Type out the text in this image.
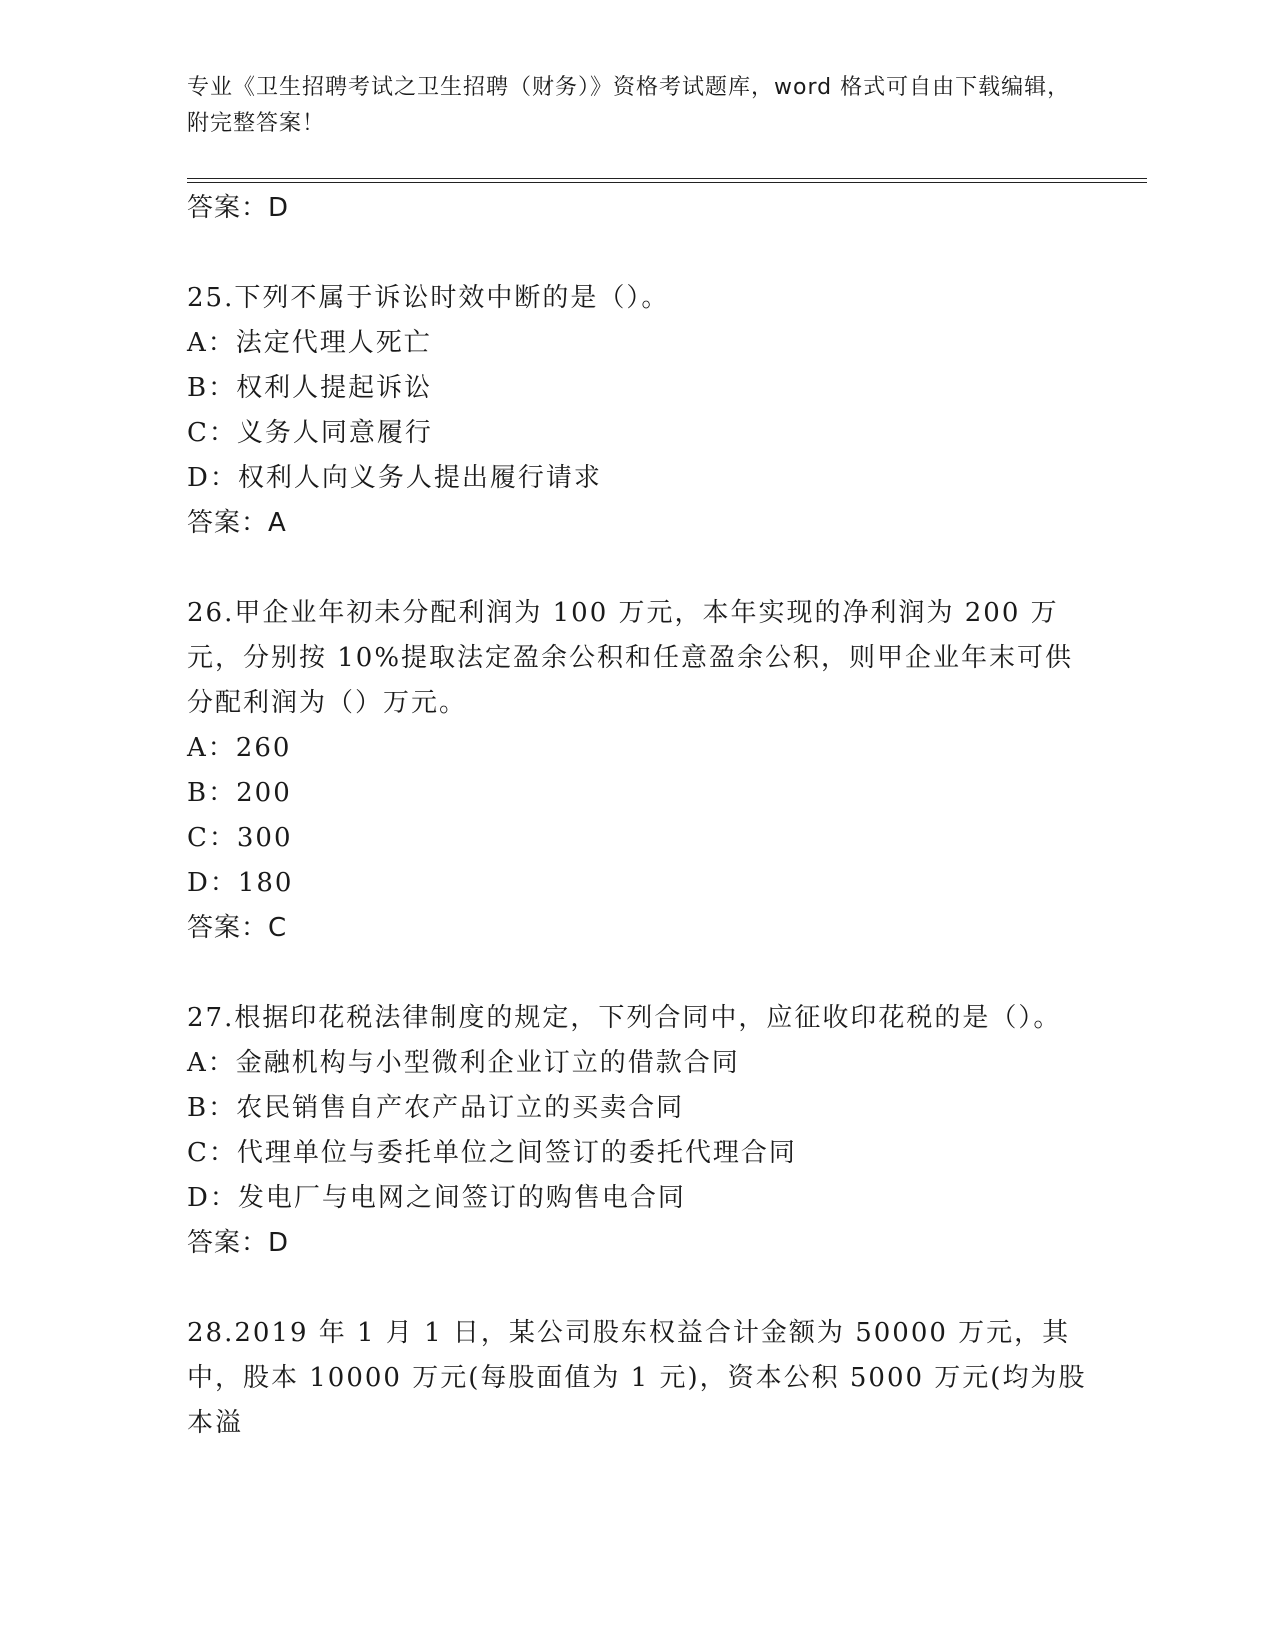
专业《卫生招聘考试之卫生招聘（财务）》资格考试题库，word 格式可自由下载编辑，附完整答案！
答案：D
25.下列不属于诉讼时效中断的是（）。
A：法定代理人死亡
B：权利人提起诉讼
C：义务人同意履行
D：权利人向义务人提出履行请求
答案：A
26.甲企业年初未分配利润为 100 万元，本年实现的净利润为 200 万元，分别按 10%提取法定盈余公积和任意盈余公积，则甲企业年末可供分配利润为（）万元。
A：260
B：200
C：300
D：180
答案：C
27.根据印花税法律制度的规定，下列合同中，应征收印花税的是（）。
A：金融机构与小型微利企业订立的借款合同
B：农民销售自产农产品订立的买卖合同
C：代理单位与委托单位之间签订的委托代理合同
D：发电厂与电网之间签订的购售电合同
答案：D
28.2019 年 1 月 1 日，某公司股东权益合计金额为 50000 万元，其中，股本 10000 万元(每股面值为 1 元)，资本公积 5000 万元(均为股本溢
